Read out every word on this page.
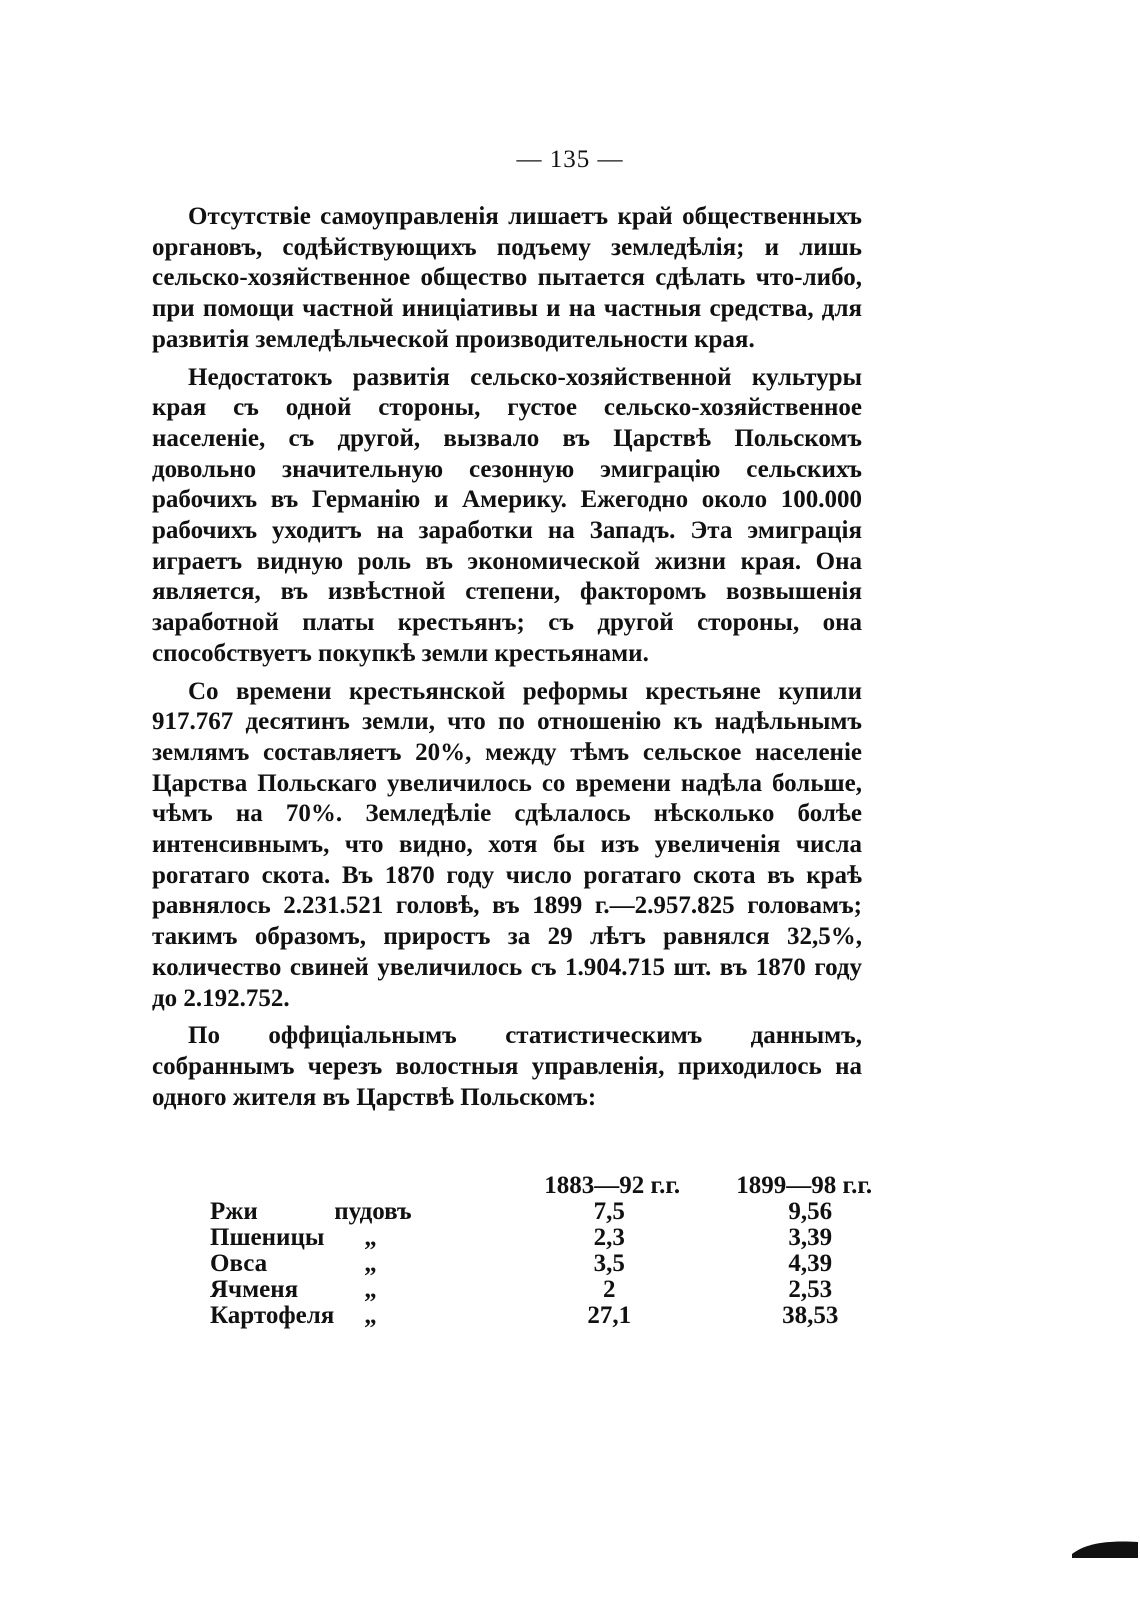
— 135 —

Отсутствіе самоуправленія лишаетъ край общественныхъ органовъ, содѣйствующихъ подъему земледѣлія; и лишь сельско-хозяйственное общество пытается сдѣлать что-либо, при помощи частной иниціативы и на частныя средства, для развитія земледѣльческой производительности края.

Недостатокъ развитія сельско-хозяйственной культуры края съ одной стороны, густое сельско-хозяйственное населеніе, съ другой, вызвало въ Царствѣ Польскомъ довольно значительную сезонную эмиграцію сельскихъ рабочихъ въ Германію и Америку. Ежегодно около 100.000 рабочихъ уходитъ на заработки на Западъ. Эта эмиграція играетъ видную роль въ экономической жизни края. Она является, въ извѣстной степени, факторомъ возвышенія заработной платы крестьянъ; съ другой стороны, она способствуетъ покупкѣ земли крестьянами.

Со времени крестьянской реформы крестьяне купили 917.767 десятинъ земли, что по отношенію къ надѣльнымъ землямъ составляетъ 20%, между тѣмъ сельское населеніе Царства Польскаго увеличилось со времени надѣла больше, чѣмъ на 70%. Земледѣліе сдѣлалось нѣсколько болѣе интенсивнымъ, что видно, хотя бы изъ увеличенія числа рогатаго скота. Въ 1870 году число рогатаго скота въ краѣ равнялось 2.231.521 головѣ, въ 1899 г.—2.957.825 головамъ; такимъ образомъ, приростъ за 29 лѣтъ равнялся 32,5%, количество свиней увеличилось съ 1.904.715 шт. въ 1870 году до 2.192.752.

По оффиціальнымъ статистическимъ даннымъ, собраннымъ черезъ волостныя управленія, приходилось на одного жителя въ Царствѣ Польскомъ:

		1883—92 г.г.	1899—98 г.г.
Ржи	пудовъ	7,5	9,56
Пшеницы	„	2,3	3,39
Овса	„	3,5	4,39
Ячменя	„	2	2,53
Картофеля	„	27,1	38,53
